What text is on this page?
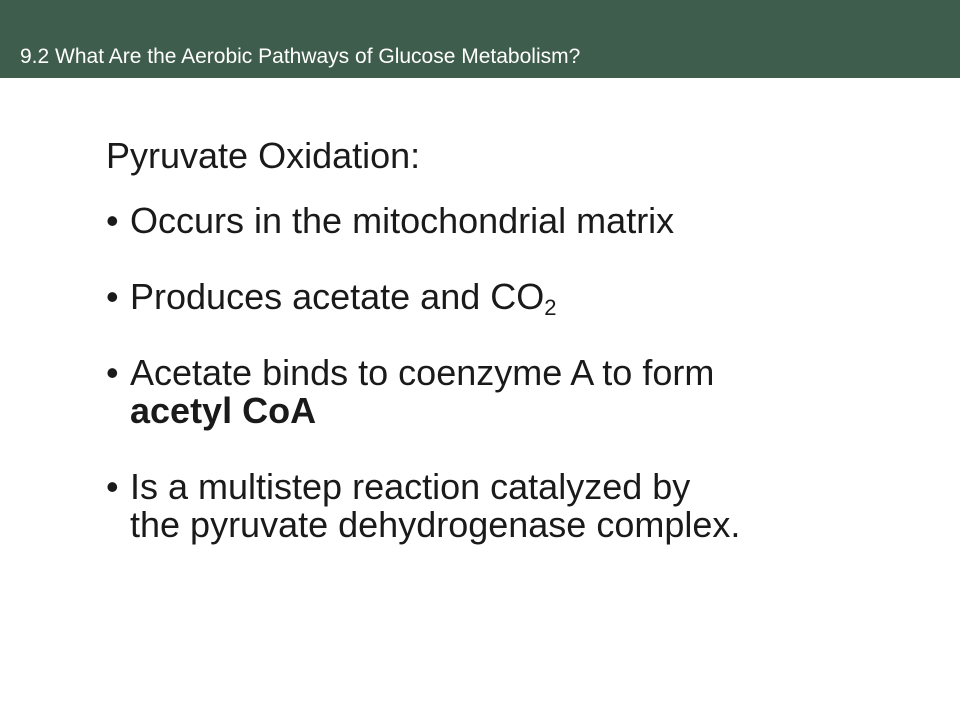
9.2 What Are the Aerobic Pathways of Glucose Metabolism?
Pyruvate Oxidation:
• Occurs in the mitochondrial matrix
• Produces acetate and $CO_2$
• Acetate binds to coenzyme A to form
acetyl CoA
• Is a multistep reaction catalyzed by
the pyruvate dehydrogenase complex.
